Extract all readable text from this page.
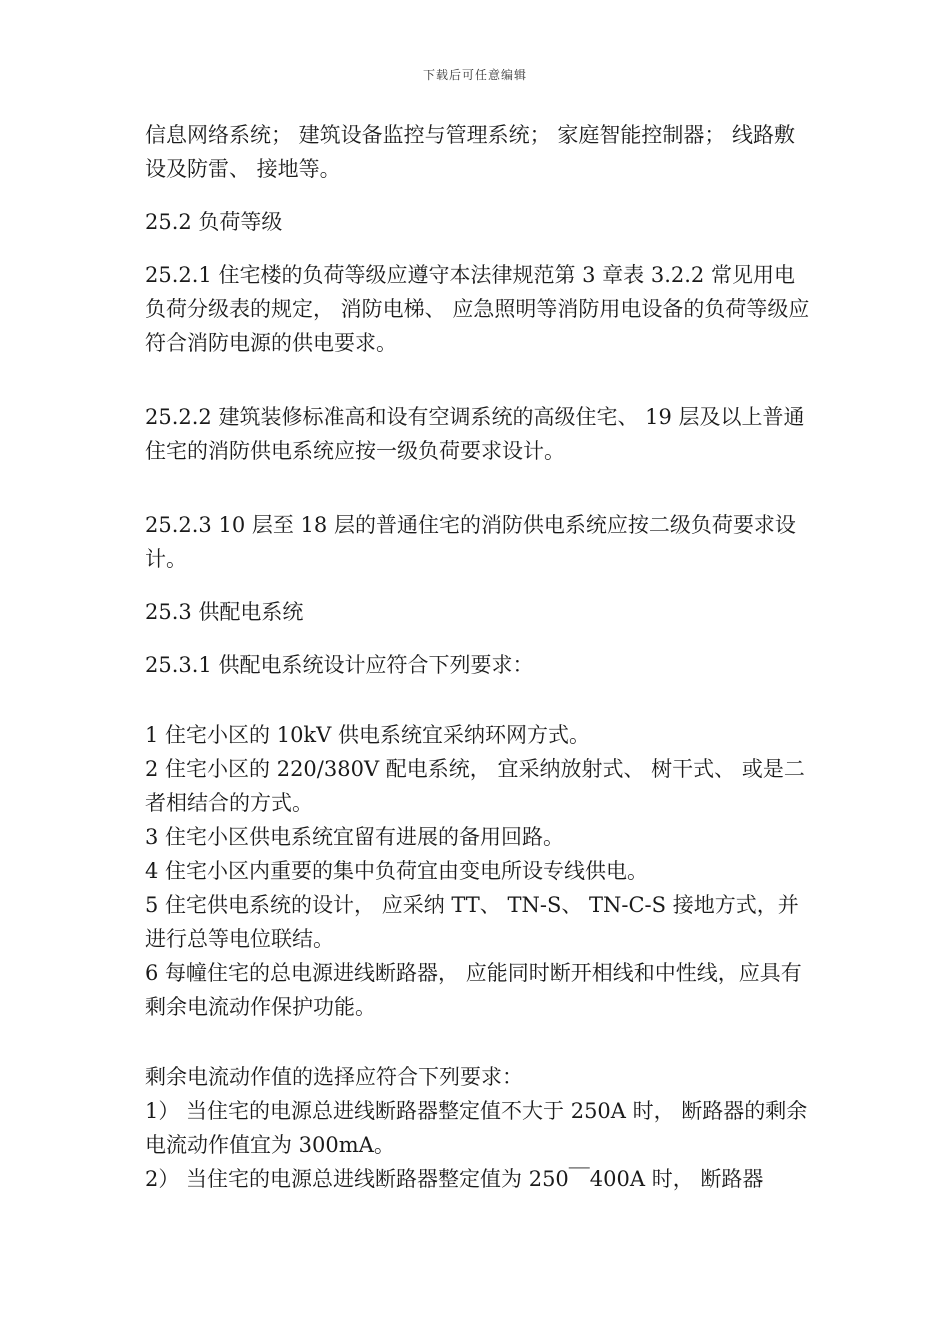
下载后可任意编辑

信息网络系统； 建筑设备监控与管理系统； 家庭智能控制器； 线路敷设及防雷、 接地等。

25.2 负荷等级

25.2.1 住宅楼的负荷等级应遵守本法律规范第 3 章表 3.2.2 常见用电负荷分级表的规定， 消防电梯、 应急照明等消防用电设备的负荷等级应符合消防电源的供电要求。

25.2.2 建筑装修标准高和设有空调系统的高级住宅、 19 层及以上普通住宅的消防供电系统应按一级负荷要求设计。

25.2.3 10 层至 18 层的普通住宅的消防供电系统应按二级负荷要求设计。

25.3 供配电系统

25.3.1 供配电系统设计应符合下列要求：

1 住宅小区的 10kV 供电系统宜采纳环网方式。

2 住宅小区的 220/380V 配电系统， 宜采纳放射式、 树干式、 或是二者相结合的方式。

3 住宅小区供电系统宜留有进展的备用回路。

4 住宅小区内重要的集中负荷宜由变电所设专线供电。

5 住宅供电系统的设计， 应采纳 TT、 TN-S、 TN-C-S 接地方式，并进行总等电位联结。

6 每幢住宅的总电源进线断路器， 应能同时断开相线和中性线，应具有剩余电流动作保护功能。

剩余电流动作值的选择应符合下列要求：

1） 当住宅的电源总进线断路器整定值不大于 250A 时， 断路器的剩余电流动作值宜为 300mA。

2） 当住宅的电源总进线断路器整定值为 250￣400A 时， 断路器
